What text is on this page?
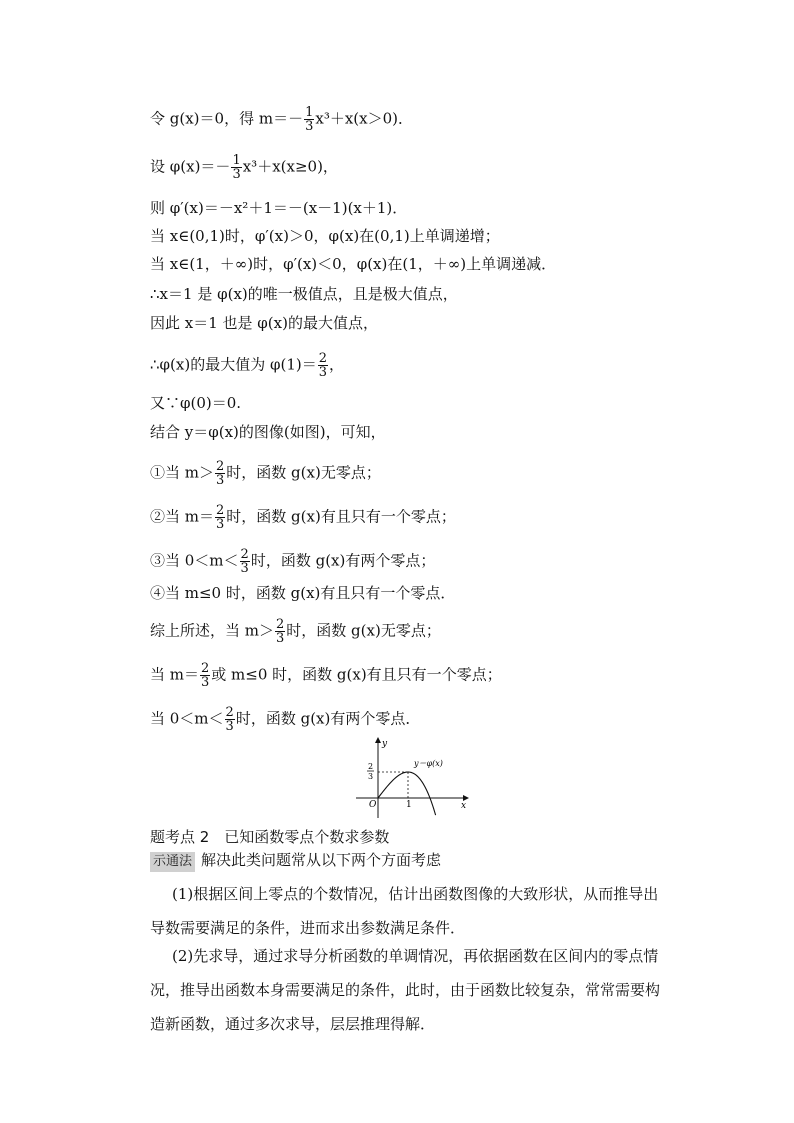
令 g(x)＝0，得 $m=- \frac{1}{3} x^3+x(x>0)$．
设 $\varphi(x)=- \frac{1}{3} x^3+x(x\ge 0)$，
则 φ′(x)＝－x²＋1＝－(x－1)(x＋1)．
当 x∈(0,1)时，φ′(x)＞0，φ(x)在(0,1)上单调递增；
当 x∈(1，＋∞)时，φ′(x)＜0，φ(x)在(1，＋∞)上单调递减．
∴x＝1 是 φ(x)的唯一极值点，且是极大值点，
因此 x＝1 也是 φ(x)的最大值点，
∴φ(x)的最大值为 $\varphi(1)= \frac{2}{3}$ ，
又∵φ(0)＝0.
结合 y＝φ(x)的图像(如图)，可知，
①当 $m> \frac{2}{3}$ 时，函数 g(x)无零点；
②当 $m= \frac{2}{3}$ 时，函数 g(x)有且只有一个零点；
③当 $0<m< \frac{2}{3}$ 时，函数 g(x)有两个零点；
④当 m≤0 时，函数 g(x)有且只有一个零点．
综上所述，当 $m> \frac{2}{3}$ 时，函数 g(x)无零点；
当 $m= \frac{2}{3}$ 或 m≤0 时，函数 g(x)有且只有一个零点；
当 $0<m< \frac{2}{3}$ 时，函数 g(x)有两个零点．
y
x
O	1
2
3
y＝φ(x)
题考点 2　已知函数零点个数求参数
示通法 解决此类问题常从以下两个方面考虑
(1)根据区间上零点的个数情况，估计出函数图像的大致形状，从而推导出导数需要满足的条件，进而求出参数满足条件．
(2)先求导，通过求导分析函数的单调情况，再依据函数在区间内的零点情况，推导出函数本身需要满足的条件，此时，由于函数比较复杂，常常需要构造新函数，通过多次求导，层层推理得解．
